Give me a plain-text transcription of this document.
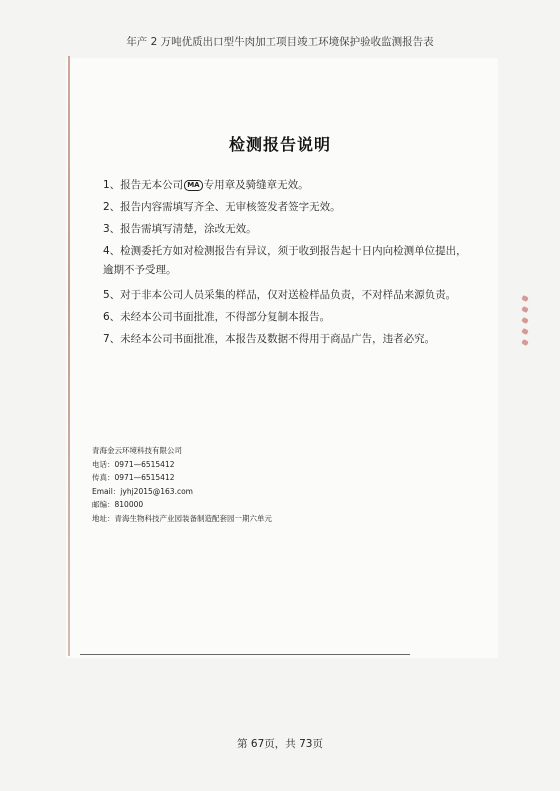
年产 2 万吨优质出口型牛肉加工项目竣工环境保护验收监测报告表
检测报告说明
1、报告无本公司 MA 专用章及骑缝章无效。
2、报告内容需填写齐全、无审核签发者签字无效。
3、报告需填写清楚，涂改无效。
4、检测委托方如对检测报告有异议，须于收到报告起十日内向检测单位提出，逾期不予受理。
5、对于非本公司人员采集的样品，仅对送检样品负责，不对样品来源负责。
6、未经本公司书面批准，不得部分复制本报告。
7、未经本公司书面批准，本报告及数据不得用于商品广告，违者必究。
青海金云环境科技有限公司
电话：0971—6515412
传真：0971—6515412
Email：jyhj2015@163.com
邮编：810000
地址：青海生物科技产业园装备制造配套园一期六单元
第 67页，共 73页
